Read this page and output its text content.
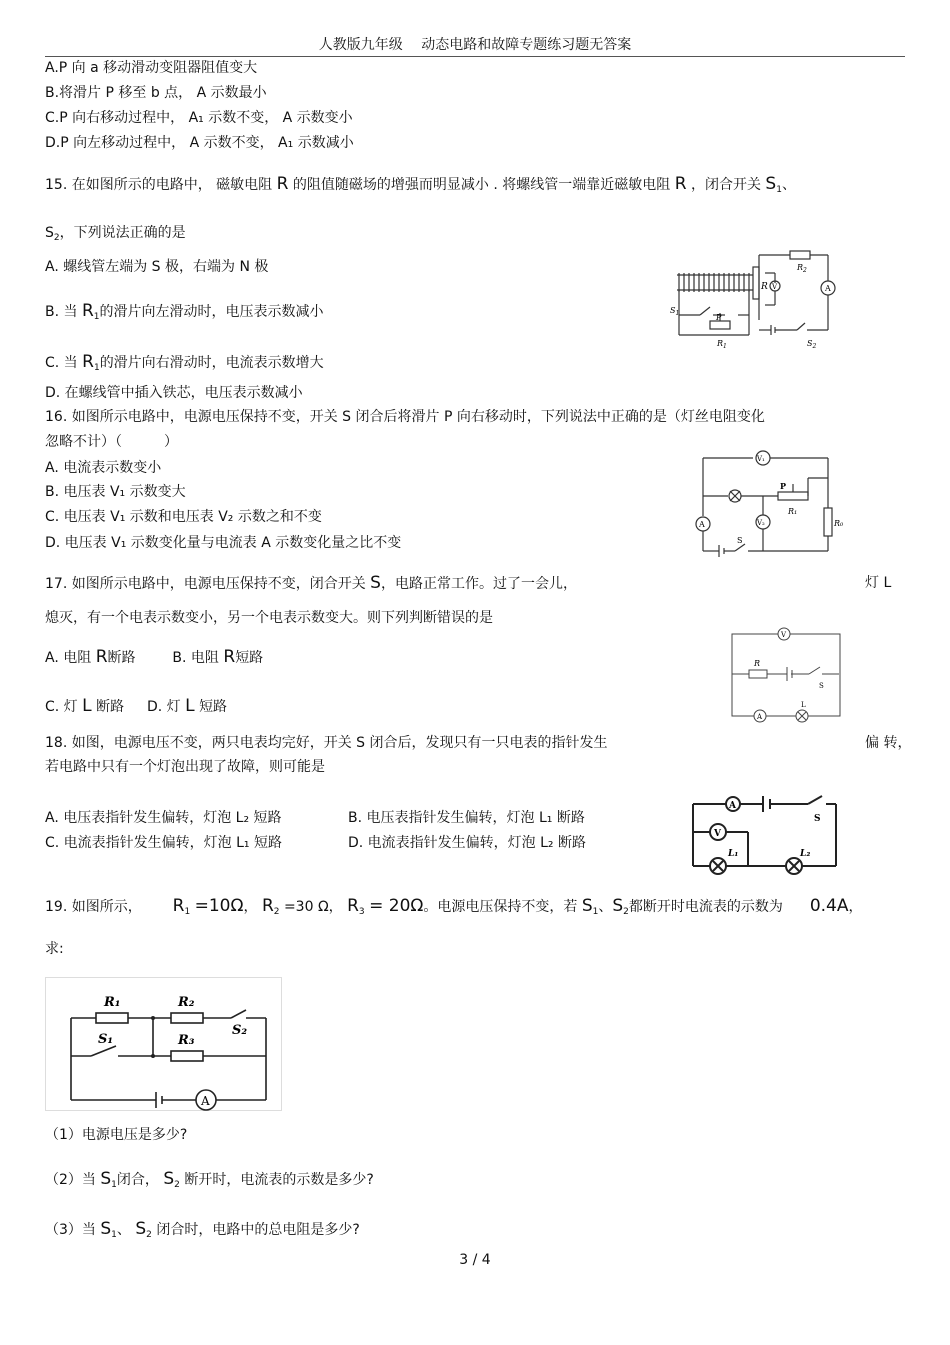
人教版九年级　 动态电路和故障专题练习题无答案
A.P 向 a 移动滑动变阻器阻值变大
B.将滑片 P 移至 b 点， A 示数最小
C.P 向右移动过程中， A₁ 示数不变， A 示数变小
D.P 向左移动过程中， A 示数不变， A₁ 示数减小
15. 在如图所示的电路中， 磁敏电阻 R 的阻值随磁场的增强而明显减小 . 将螺线管一端靠近磁敏电阻 R ，闭合开关 $S_1$、
$S_2$，下列说法正确的是
A. 螺线管左端为 S 极，右端为 N 极
B. 当 $R_1$的滑片向左滑动时，电压表示数减小
C. 当 $R_1$的滑片向右滑动时，电流表示数增大
D. 在螺线管中插入铁芯，电压表示数减小
R V	A
$R_2$
$S_1$	P
$R_1$	$S_2$
16. 如图所示电路中，电源电压保持不变，开关 S 闭合后将滑片 P 向右移动时，下列说法中正确的是（灯丝电阻变化
忽略不计）（　　　）
A. 电流表示数变小
B. 电压表 V₁ 示数变大
C. 电压表 V₁ 示数和电压表 V₂ 示数之和不变
D. 电压表 V₁ 示数变化量与电流表 A 示数变化量之比不变
V₁
P
A	V₂
R₁
R₀
S
17. 如图所示电路中，电源电压保持不变，闭合开关 S，电路正常工作。过了一会儿，	灯 L
熄灭，有一个电表示数变小，另一个电表示数变大。则下列判断错误的是
A. 电阻 R断路	B. 电阻 R短路
C. 灯 L 断路 D. 灯 L 短路
V
R
S
A
L
18. 如图，电源电压不变，两只电表均完好，开关 S 闭合后，发现只有一只电表的指针发生	偏 转，
若电路中只有一个灯泡出现了故障，则可能是
A. 电压表指针发生偏转，灯泡 L₂ 短路	B. 电压表指针发生偏转，灯泡 L₁ 断路
C. 电流表指针发生偏转，灯泡 L₁ 短路	D. 电流表指针发生偏转，灯泡 L₂ 断路
A
S
V
L₁	L₂
19. 如图所示， $R_1 =10\Omega$， $R_2 =30$ Ω， $R_3 = 20\Omega$。电源电压保持不变，若 $S_1$、$S_2$都断开时电流表的示数为 0.4A，
求:
R₁	R₂
S₁
S₂
R₃
A
（1）电源电压是多少?
（2）当 $S_1$闭合， $S_2$ 断开时，电流表的示数是多少?
（3）当 $S_1$、 $S_2$ 闭合时，电路中的总电阻是多少?
3 / 4
